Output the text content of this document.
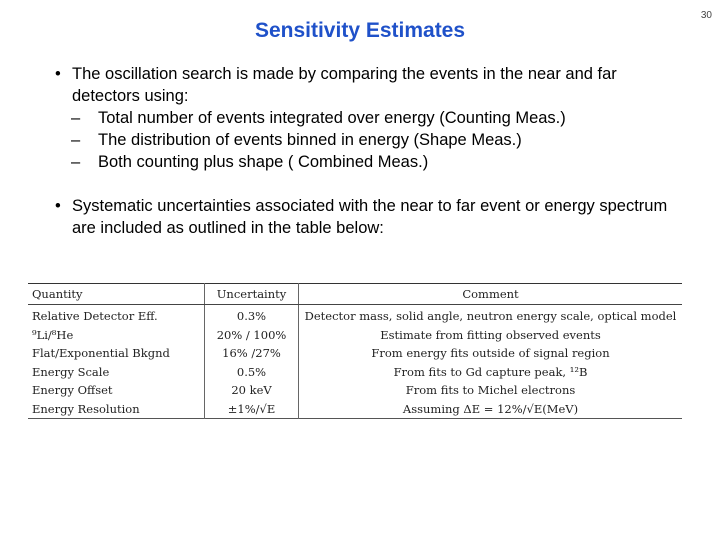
30
Sensitivity Estimates
• The oscillation search is made by comparing the events in the near and far detectors using:
– Total number of events integrated over energy (Counting Meas.)
– The distribution of events binned in energy (Shape Meas.)
– Both counting plus shape ( Combined Meas.)
• Systematic uncertainties associated with the near to far event or energy spectrum are included as outlined in the table below:
Quantity	Uncertainty	Comment
Relative Detector Eff.	0.3%	Detector mass, solid angle, neutron energy scale, optical model
⁹Li/⁸He	20% / 100%	Estimate from fitting observed events
Flat/Exponential Bkgnd	16% /27%	From energy fits outside of signal region
Energy Scale	0.5%	From fits to Gd capture peak, ¹²B
Energy Offset	20 keV	From fits to Michel electrons
Energy Resolution	±1%/√E	Assuming ΔE = 12%/√E(MeV)
